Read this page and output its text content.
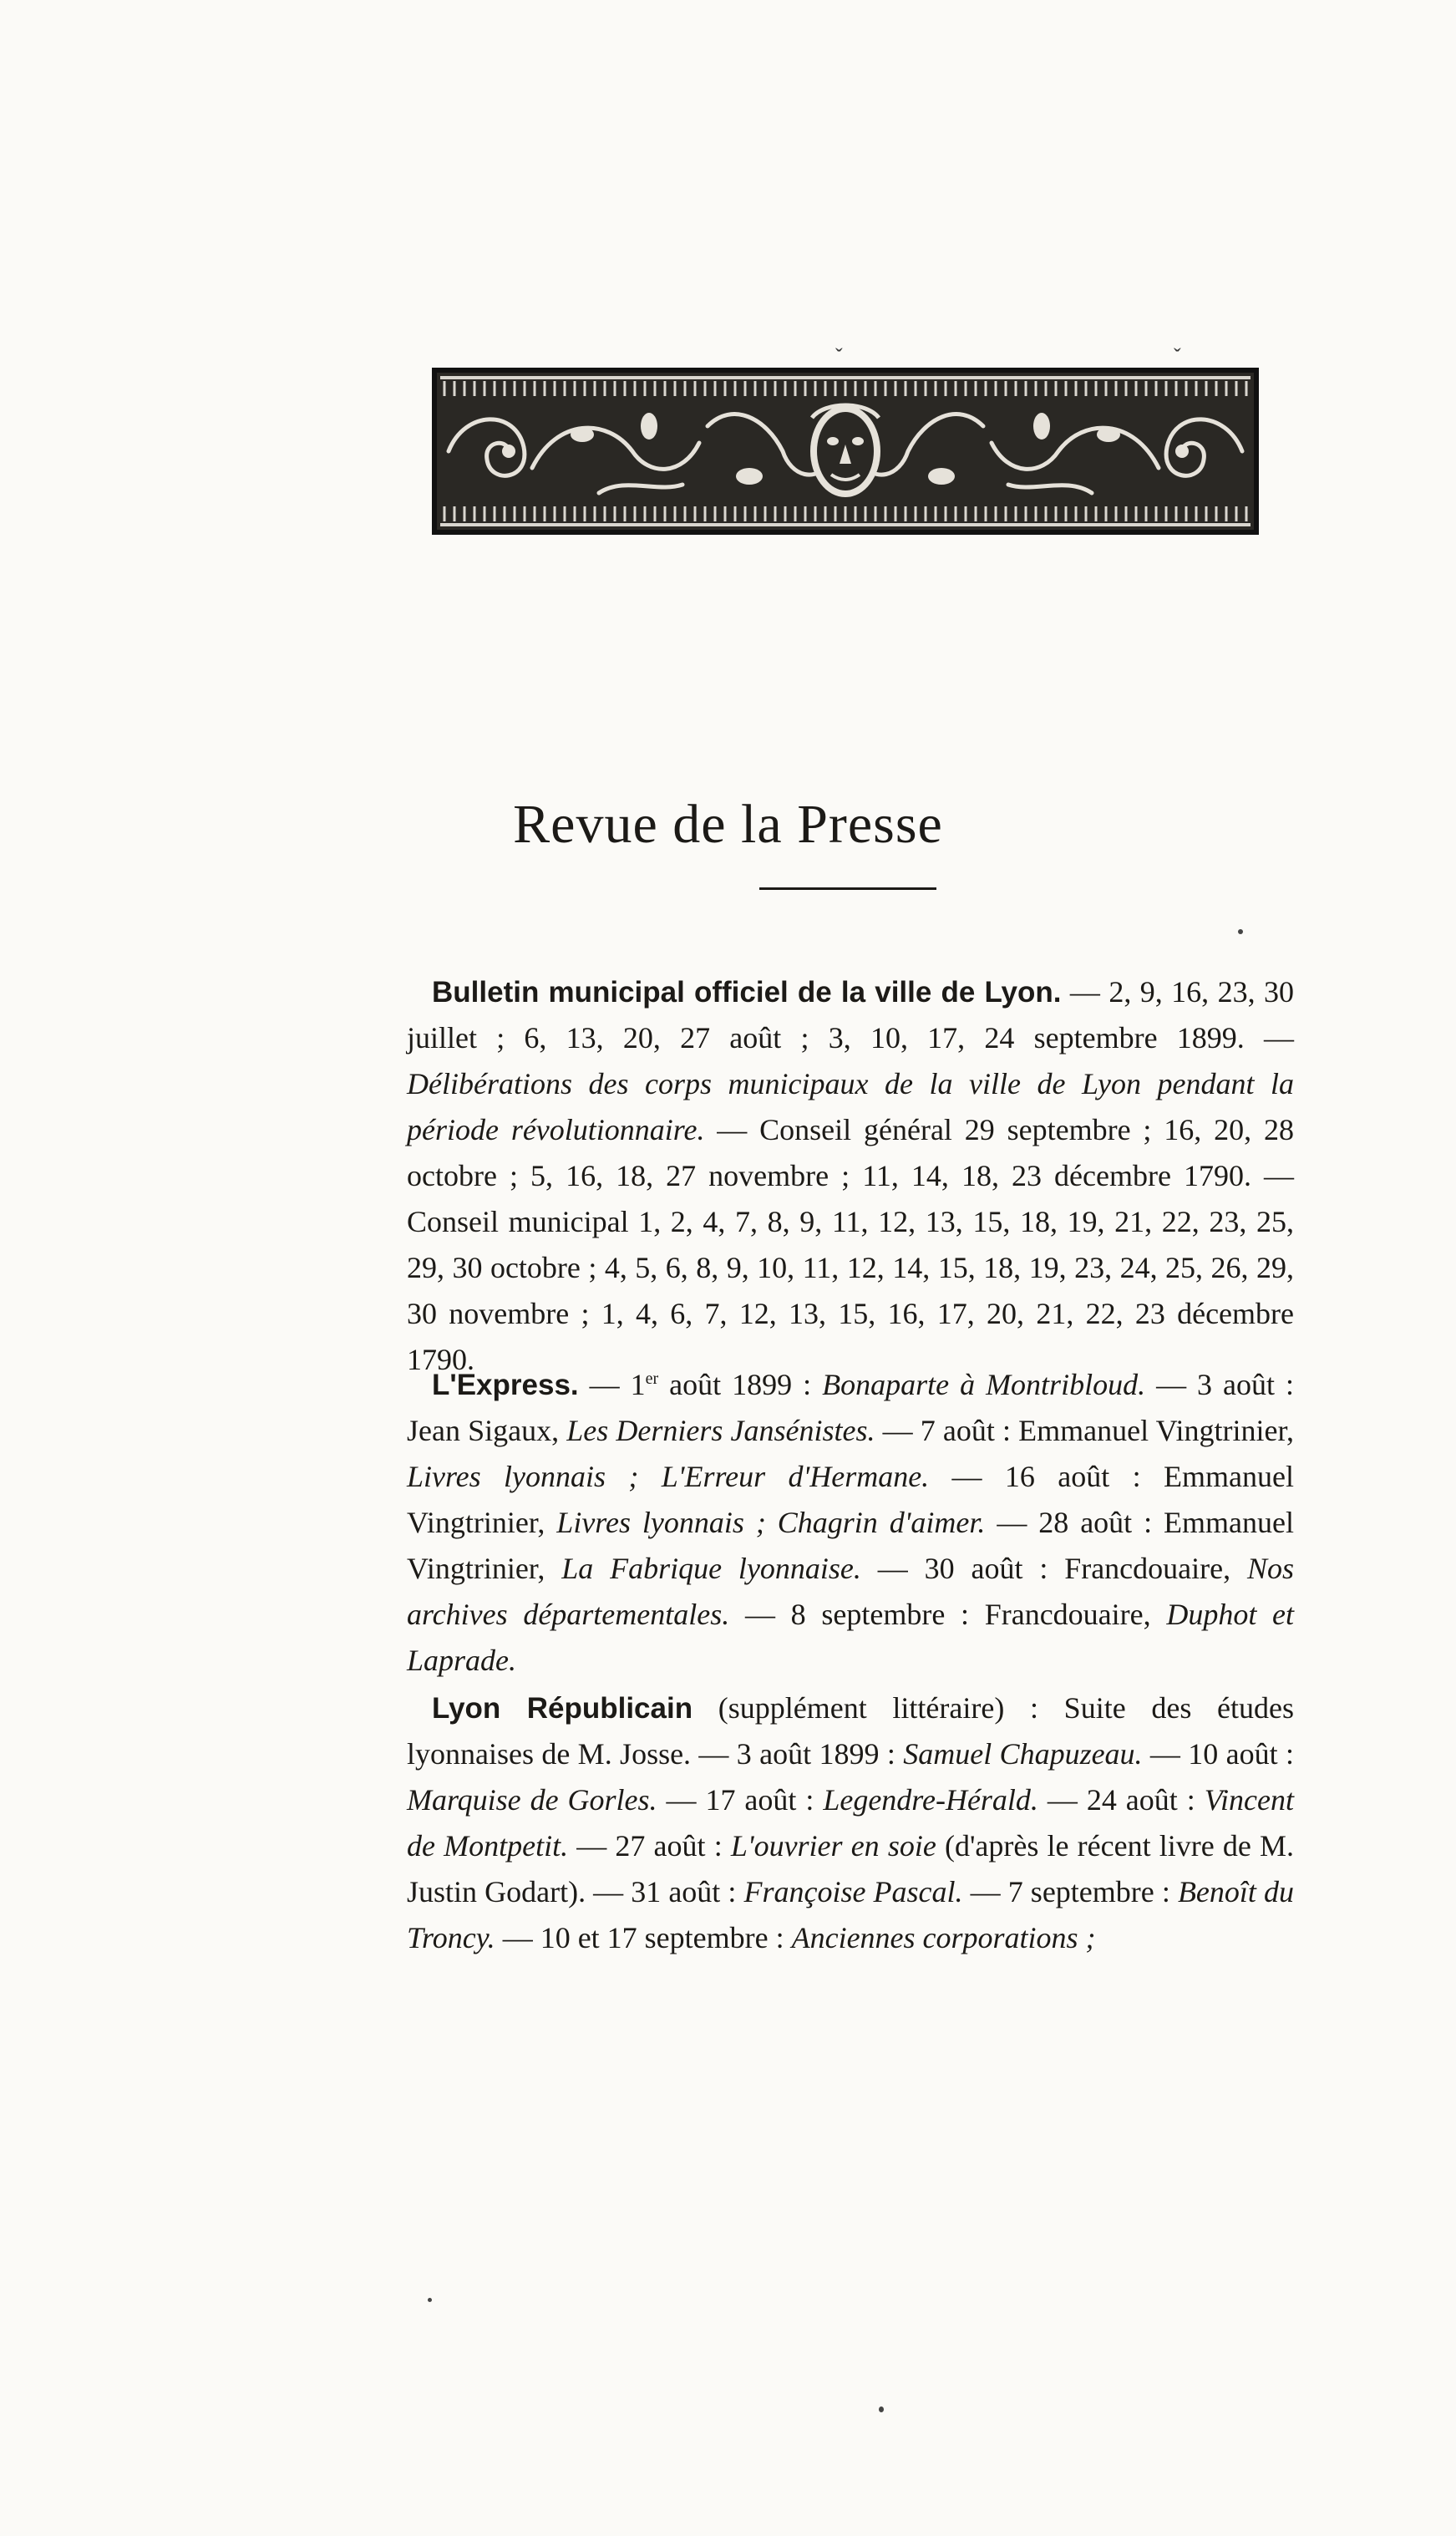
ˇ	ˇ
Revue de la Presse

Bulletin municipal officiel de la ville de Lyon. — 2, 9, 16, 23, 30 juillet ; 6, 13, 20, 27 août ; 3, 10, 17, 24 septembre 1899. — Délibérations des corps municipaux de la ville de Lyon pendant la période révolutionnaire. — Conseil général 29 septembre ; 16, 20, 28 octobre ; 5, 16, 18, 27 novembre ; 11, 14, 18, 23 décembre 1790. — Conseil municipal 1, 2, 4, 7, 8, 9, 11, 12, 13, 15, 18, 19, 21, 22, 23, 25, 29, 30 octobre ; 4, 5, 6, 8, 9, 10, 11, 12, 14, 15, 18, 19, 23, 24, 25, 26, 29, 30 novembre ; 1, 4, 6, 7, 12, 13, 15, 16, 17, 20, 21, 22, 23 décembre 1790.

L'Express. — 1er août 1899 : Bonaparte à Montribloud. — 3 août : Jean Sigaux, Les Derniers Jansénistes. — 7 août : Emmanuel Vingtrinier, Livres lyonnais ; L'Erreur d'Hermane. — 16 août : Emmanuel Vingtrinier, Livres lyonnais ; Chagrin d'aimer. — 28 août : Emmanuel Vingtrinier, La Fabrique lyonnaise. — 30 août : Francdouaire, Nos archives départementales. — 8 septembre : Francdouaire, Duphot et Laprade.

Lyon Républicain (supplément littéraire) : Suite des études lyonnaises de M. Josse. — 3 août 1899 : Samuel Chapuzeau. — 10 août : Marquise de Gorles. — 17 août : Legendre-Hérald. — 24 août : Vincent de Montpetit. — 27 août : L'ouvrier en soie (d'après le récent livre de M. Justin Godart). — 31 août : Françoise Pascal. — 7 septembre : Benoît du Troncy. — 10 et 17 septembre : Anciennes corporations ;
